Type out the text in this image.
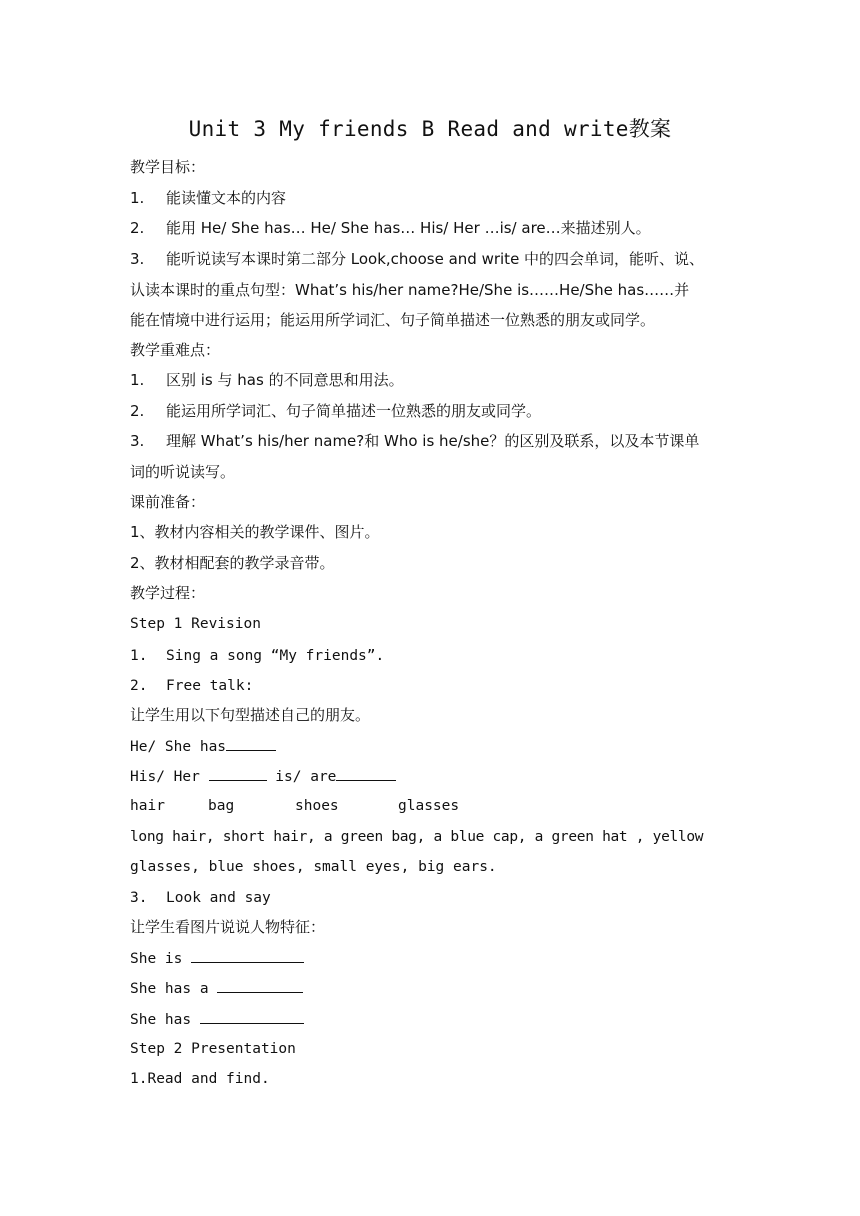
Unit 3 My friends B Read and write教案
教学目标：
1. 能读懂文本的内容
2. 能用 He/ She has… He/ She has… His/ Her …is/ are…来描述别人。
3. 能听说读写本课时第二部分 Look,choose and write 中的四会单词，能听、说、
认读本课时的重点句型：What’s his/her name?He/She is……He/She has……并
能在情境中进行运用；能运用所学词汇、句子简单描述一位熟悉的朋友或同学。
教学重难点：
1. 区别 is 与 has 的不同意思和用法。
2. 能运用所学词汇、句子简单描述一位熟悉的朋友或同学。
3. 理解 What’s his/her name?和 Who is he/she？的区别及联系，以及本节课单
词的听说读写。
课前准备：
1、教材内容相关的教学课件、图片。
2、教材相配套的教学录音带。
教学过程：
Step 1 Revision
1. Sing a song “My friends”.
2. Free talk:
让学生用以下句型描述自己的朋友。
He/ She has
His/ Her	is/ are
hair	bag	shoes	glasses
long hair, short hair, a green bag, a blue cap, a green hat , yellow
glasses, blue shoes, small eyes, big ears.
3. Look and say
让学生看图片说说人物特征：
She is
She has a
She has
Step 2 Presentation
1.Read and find.
